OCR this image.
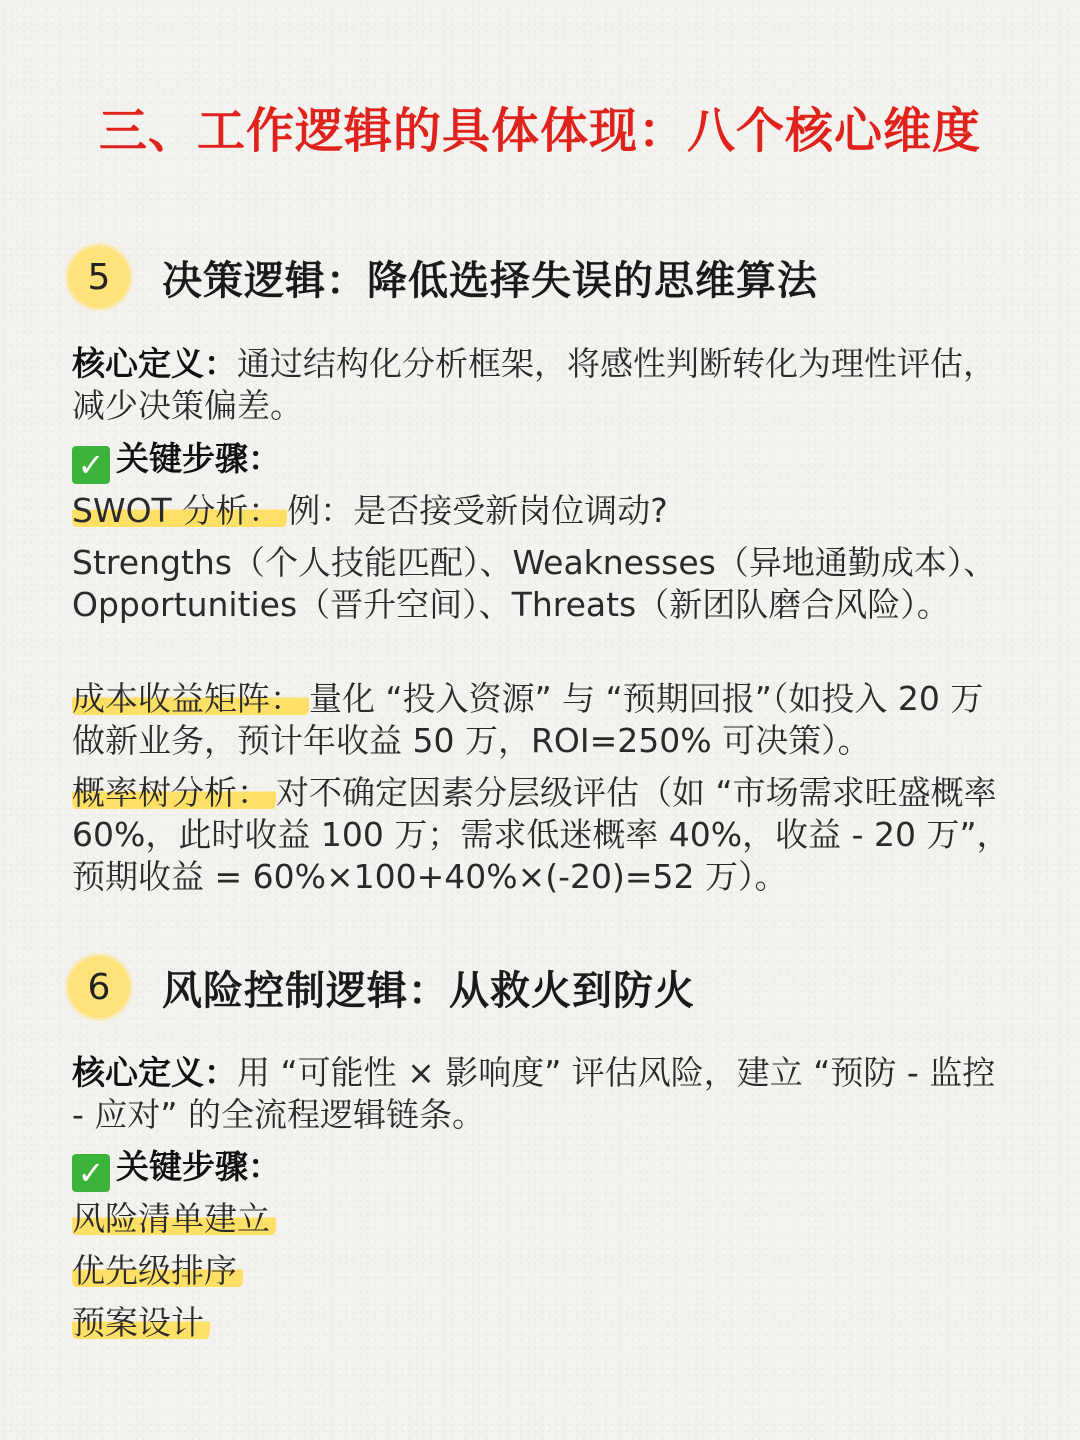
三、工作逻辑的具体体现：八个核心维度
5	决策逻辑：降低选择失误的思维算法

核心定义：通过结构化分析框架，将感性判断转化为理性评估，减少决策偏差。

✓ 关键步骤：

SWOT 分析： 例：是否接受新岗位调动?

Strengths（个人技能匹配）、Weaknesses（异地通勤成本）、Opportunities（晋升空间）、Threats（新团队磨合风险）。

成本收益矩阵： 量化 “投入资源” 与 “预期回报”（如投入 20 万做新业务，预计年收益 50 万，ROI=250% 可决策）。

概率树分析： 对不确定因素分层级评估（如 “市场需求旺盛概率 60%，此时收益 100 万；需求低迷概率 40%，收益 - 20 万”，预期收益 = 60%×100+40%×(-20)=52 万）。

6	风险控制逻辑：从救火到防火

核心定义：用 “可能性 × 影响度” 评估风险，建立 “预防 - 监控 - 应对” 的全流程逻辑链条。

✓ 关键步骤：

风险清单建立

优先级排序

预案设计
